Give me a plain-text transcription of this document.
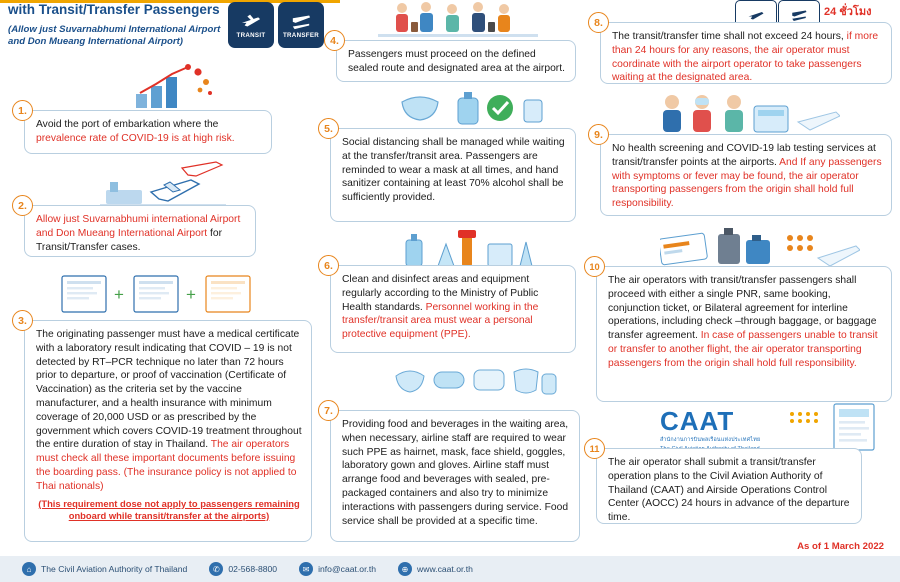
with Transit/Transfer Passengers
(Allow just Suvarnabhumi International Airport and Don Mueang International Airport)
TRANSIT	TRANSFER
24 ชั่วโมง
1.
Avoid the port of embarkation where the prevalence rate of COVID-19 is at high risk.
2.
Allow just Suvarnabhumi international Airport and Don Mueang International Airport for Transit/Transfer cases.
+	+
3.
The originating passenger must have a medical certificate with a laboratory result indicating that COVID – 19 is not detected by RT–PCR technique no later than 72 hours prior to departure, or proof of vaccination (Certificate of Vaccination) as the criteria set by the vaccine manufacturer, and a health insurance with minimum coverage of 20,000 USD or as prescribed by the government which covers COVID-19 treatment throughout the entire duration of stay in Thailand. The air operators must check all these important documents before issuing the boarding pass. (The insurance policy is not applied to Thai nationals)
(This requirement dose not apply to passengers remaining onboard while transit/transfer at the airports)
4.
Passengers must proceed on the defined sealed route and designated area at the airport.
5.
Social distancing shall be managed while waiting at the transfer/transit area. Passengers are reminded to wear a mask at all times, and hand sanitizer containing at least 70% alcohol shall be sufficiently provided.
6.
Clean and disinfect areas and equipment regularly according to the Ministry of Public Health standards. Personnel working in the transfer/transit area must wear a personal protective equipment (PPE).
7.
Providing food and beverages in the waiting area, when necessary, airline staff are required to wear such PPE as hairnet, mask, face shield, goggles, laboratory gown and gloves. Airline staff must arrange food and beverages with sealed, pre-packaged containers and also try to minimize interactions with passengers during service. Food service shall be provided at a specific time.
8.
The transit/transfer time shall not exceed 24 hours, if more than 24 hours for any reasons, the air operator must coordinate with the airport operator to take passengers waiting at the designated area.
9.
No health screening and COVID-19 lab testing services at transit/transfer points at the airports. And If any passengers with symptoms or fever may be found, the air operator transporting passengers from the origin shall hold full responsibility.
10
The air operators with transit/transfer passengers shall proceed with either a single PNR, same booking, conjunction ticket, or Bilateral agreement for interline operations, including check –through baggage, or baggage transfer agreement. In case of passengers unable to transit or transfer to another flight, the air operator transporting passengers from the origin shall hold full responsibility.
CAAT
สำนักงานการบินพลเรือนแห่งประเทศไทย
11
The air operator shall submit a transit/transfer operation plans to the Civil Aviation Authority of Thailand (CAAT) and Airside Operations Control Center (AOCC) 24 hours in advance of the departure time.
As of 1 March 2022
⌂	The Civil Aviation Authority of Thailand	✆	02-568-8800	✉	info@caat.or.th	⊕	www.caat.or.th
